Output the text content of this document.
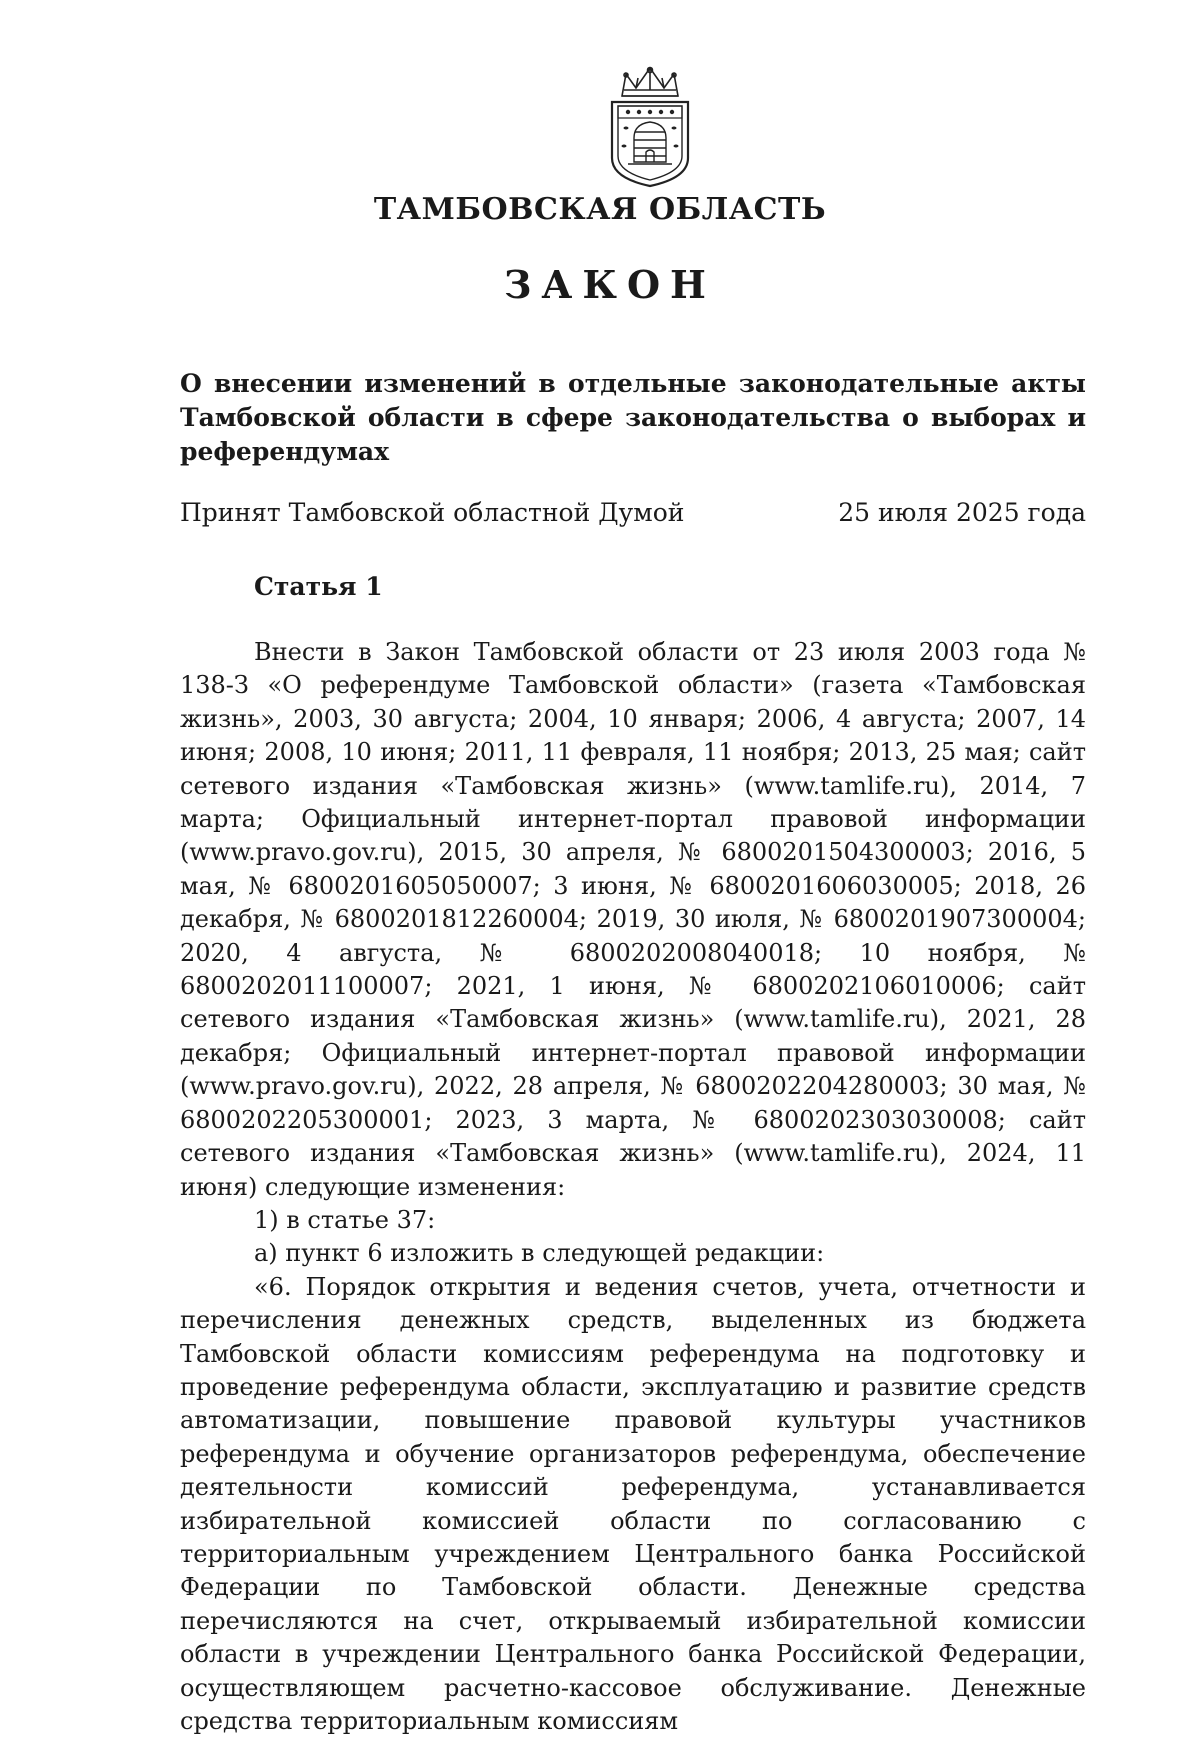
ТАМБОВСКАЯ ОБЛАСТЬ
ЗАКОН
О внесении изменений в отдельные законодательные акты Тамбовской области в сфере законодательства о выборах и референдумах
Принят Тамбовской областной Думой	25 июля 2025 года
Статья 1

Внести в Закон Тамбовской области от 23 июля 2003 года № 138-З «О референдуме Тамбовской области» (газета «Тамбовская жизнь», 2003, 30 августа; 2004, 10 января; 2006, 4 августа; 2007, 14 июня; 2008, 10 июня; 2011, 11 февраля, 11 ноября; 2013, 25 мая; сайт сетевого издания «Тамбовская жизнь» (www.tamlife.ru), 2014, 7 марта; Официальный интернет-портал правовой информации (www.pravo.gov.ru), 2015, 30 апреля, № 6800201504300003; 2016, 5 мая, № 6800201605050007; 3 июня, № 6800201606030005; 2018, 26 декабря, № 6800201812260004; 2019, 30 июля, № 6800201907300004; 2020, 4 августа, № 6800202008040018; 10 ноября, № 6800202011100007; 2021, 1 июня, № 6800202106010006; сайт сетевого издания «Тамбовская жизнь» (www.tamlife.ru), 2021, 28 декабря; Официальный интернет-портал правовой информации (www.pravo.gov.ru), 2022, 28 апреля, № 6800202204280003; 30 мая, № 6800202205300001; 2023, 3 марта, № 6800202303030008; сайт сетевого издания «Тамбовская жизнь» (www.tamlife.ru), 2024, 11 июня) следующие изменения:

1) в статье 37:

а) пункт 6 изложить в следующей редакции:

«6. Порядок открытия и ведения счетов, учета, отчетности и перечисления денежных средств, выделенных из бюджета Тамбовской области комиссиям референдума на подготовку и проведение референдума области, эксплуатацию и развитие средств автоматизации, повышение правовой культуры участников референдума и обучение организаторов референдума, обеспечение деятельности комиссий референдума, устанавливается избирательной комиссией области по согласованию с территориальным учреждением Центрального банка Российской Федерации по Тамбовской области. Денежные средства перечисляются на счет, открываемый избирательной комиссии области в учреждении Центрального банка Российской Федерации, осуществляющем расчетно-кассовое обслуживание. Денежные средства территориальным комиссиям
